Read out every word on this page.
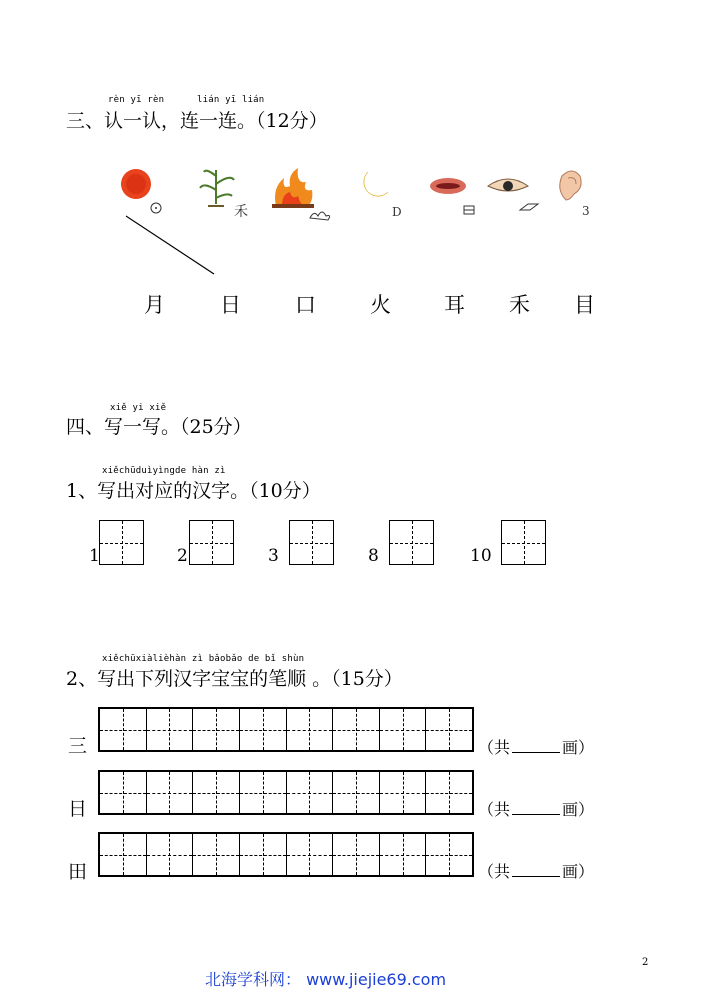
rèn yī rèn	lián yī lián
三、认一认，连一连。（12分）
禾	D	3
月	日	口	火	耳 禾 目
xiě yi xiě
四、写一写。（25分）
xiěchūduìyìngde hàn zì
1、写出对应的汉字。（10分）
1	2	3	8	10
xiěchūxiàlièhàn zì bǎobǎo de bǐ shùn
2、写出下列汉字宝宝的笔顺 。（15分）
三	（共	画）
日	（共	画）
田	（共	画）
2
北海学科网： www.jiejie69.com
